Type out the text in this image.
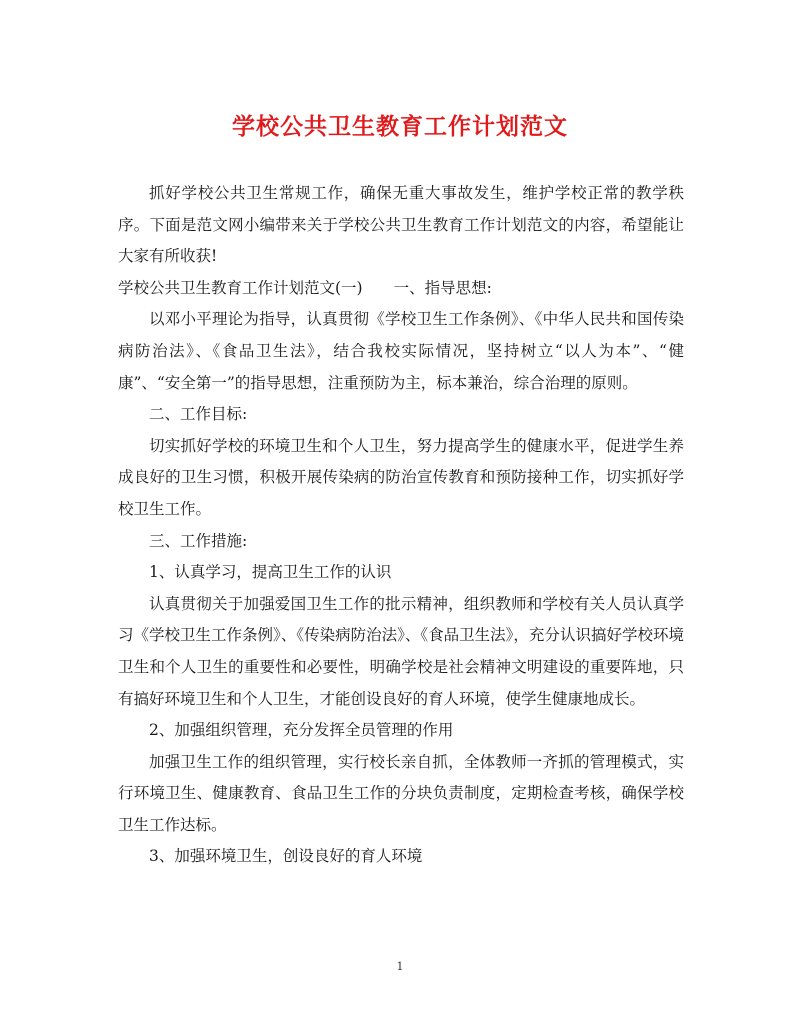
学校公共卫生教育工作计划范文

抓好学校公共卫生常规工作，确保无重大事故发生，维护学校正常的教学秩序。下面是范文网小编带来关于学校公共卫生教育工作计划范文的内容，希望能让大家有所收获!

学校公共卫生教育工作计划范文(一)　　一、指导思想:

以邓小平理论为指导，认真贯彻《学校卫生工作条例》、《中华人民共和国传染病防治法》、《食品卫生法》，结合我校实际情况，坚持树立“以人为本”、“健康”、“安全第一”的指导思想，注重预防为主，标本兼治，综合治理的原则。

二、工作目标:

切实抓好学校的环境卫生和个人卫生，努力提高学生的健康水平，促进学生养成良好的卫生习惯，积极开展传染病的防治宣传教育和预防接种工作，切实抓好学校卫生工作。

三、工作措施:

1、认真学习，提高卫生工作的认识

认真贯彻关于加强爱国卫生工作的批示精神，组织教师和学校有关人员认真学习《学校卫生工作条例》、《传染病防治法》、《食品卫生法》，充分认识搞好学校环境卫生和个人卫生的重要性和必要性，明确学校是社会精神文明建设的重要阵地，只有搞好环境卫生和个人卫生，才能创设良好的育人环境，使学生健康地成长。

2、加强组织管理，充分发挥全员管理的作用

加强卫生工作的组织管理，实行校长亲自抓，全体教师一齐抓的管理模式，实行环境卫生、健康教育、食品卫生工作的分块负责制度，定期检查考核，确保学校卫生工作达标。

3、加强环境卫生，创设良好的育人环境

1
